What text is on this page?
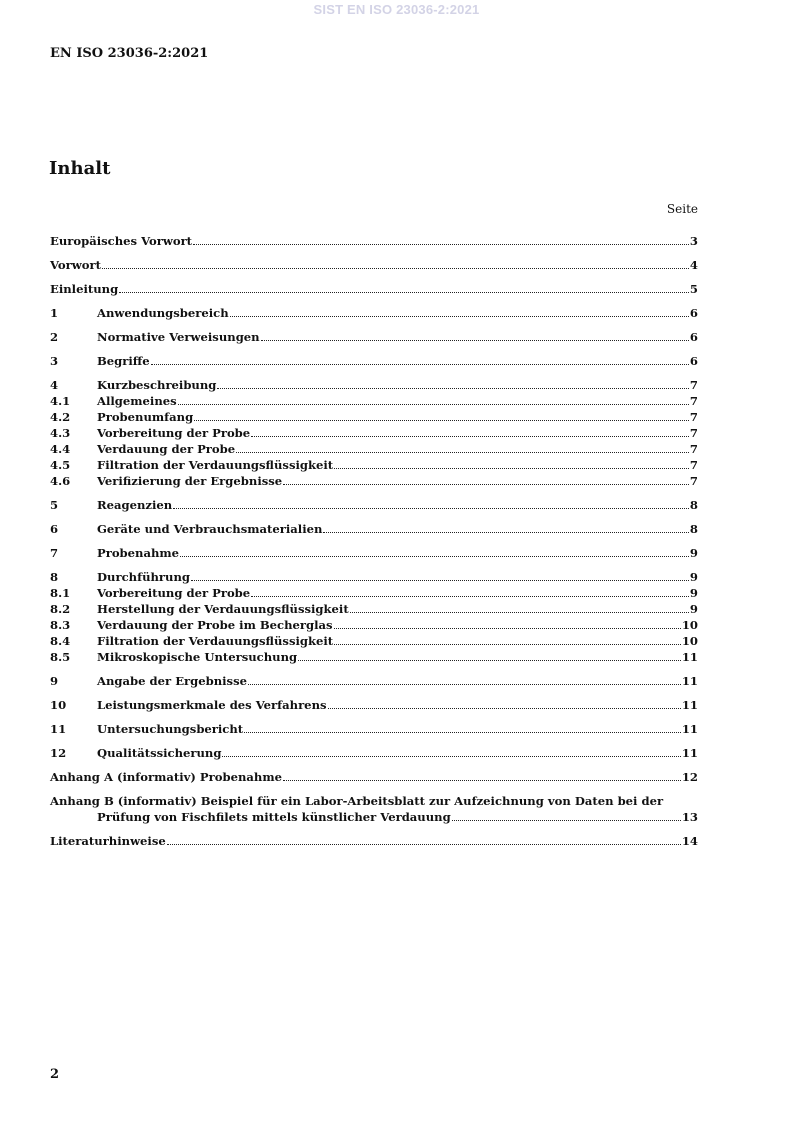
SIST EN ISO 23036-2:2021
EN ISO 23036-2:2021
Inhalt
Seite
Europäisches Vorwort	3
Vorwort	4
Einleitung	5
1	Anwendungsbereich	6
2	Normative Verweisungen	6
3	Begriffe	6
4	Kurzbeschreibung	7
4.1	Allgemeines	7
4.2	Probenumfang	7
4.3	Vorbereitung der Probe	7
4.4	Verdauung der Probe	7
4.5	Filtration der Verdauungsflüssigkeit	7
4.6	Verifizierung der Ergebnisse	7
5	Reagenzien	8
6	Geräte und Verbrauchsmaterialien	8
7	Probenahme	9
8	Durchführung	9
8.1	Vorbereitung der Probe	9
8.2	Herstellung der Verdauungsflüssigkeit	9
8.3	Verdauung der Probe im Becherglas	10
8.4	Filtration der Verdauungsflüssigkeit	10
8.5	Mikroskopische Untersuchung	11
9	Angabe der Ergebnisse	11
10	Leistungsmerkmale des Verfahrens	11
11	Untersuchungsbericht	11
12	Qualitätssicherung	11
Anhang A (informativ) Probenahme	12
Anhang B (informativ) Beispiel für ein Labor-Arbeitsblatt zur Aufzeichnung von Daten bei der
Prüfung von Fischfilets mittels künstlicher Verdauung	13
Literaturhinweise	14
2
